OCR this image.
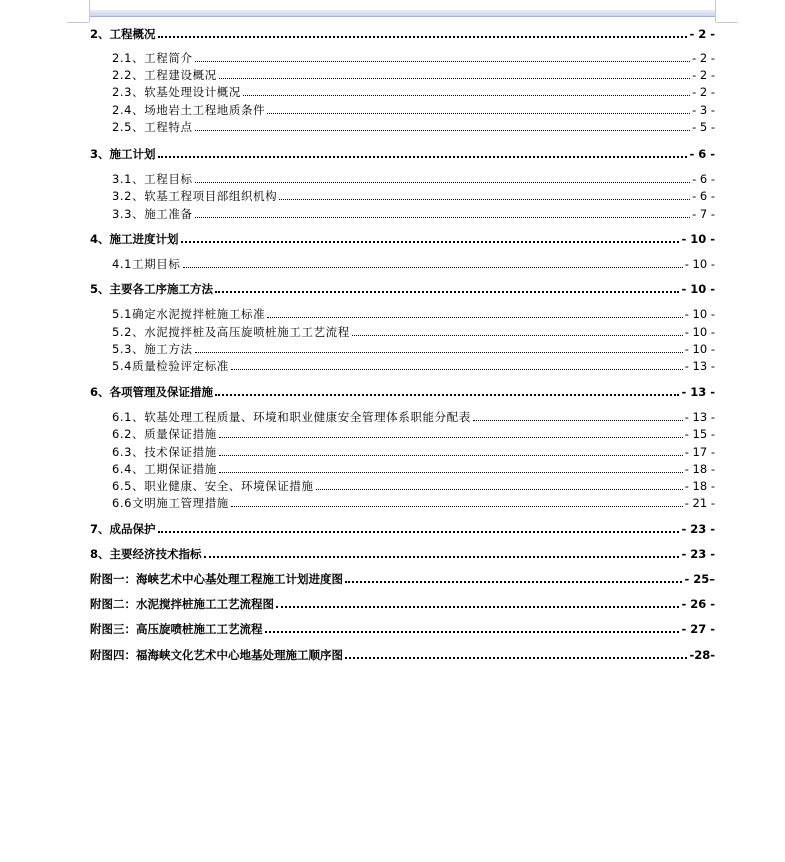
2、工程概况	- 2 -
2.1、工程简介	- 2 -
2.2、工程建设概况	- 2 -
2.3、软基处理设计概况	- 2 -
2.4、场地岩土工程地质条件	- 3 -
2.5、工程特点	- 5 -
3、施工计划	- 6 -
3.1、工程目标	- 6 -
3.2、软基工程项目部组织机构	- 6 -
3.3、施工准备	- 7 -
4、施工进度计划	- 10 -
4.1工期目标	- 10 -
5、主要各工序施工方法	- 10 -
5.1确定水泥搅拌桩施工标准	- 10 -
5.2、水泥搅拌桩及高压旋喷桩施工工艺流程	- 10 -
5.3、施工方法	- 10 -
5.4质量检验评定标准	- 13 -
6、各项管理及保证措施	- 13 -
6.1、软基处理工程质量、环境和职业健康安全管理体系职能分配表	- 13 -
6.2、质量保证措施	- 15 -
6.3、技术保证措施	- 17 -
6.4、工期保证措施	- 18 -
6.5、职业健康、安全、环境保证措施	- 18 -
6.6文明施工管理措施	- 21 -
7、成品保护	- 23 -
8、主要经济技术指标	- 23 -
附图一：海峡艺术中心基处理工程施工计划进度图	- 25–
附图二：水泥搅拌桩施工工艺流程图	- 26 -
附图三：高压旋喷桩施工工艺流程	- 27 -
附图四：福海峡文化艺术中心地基处理施工顺序图	-28-
